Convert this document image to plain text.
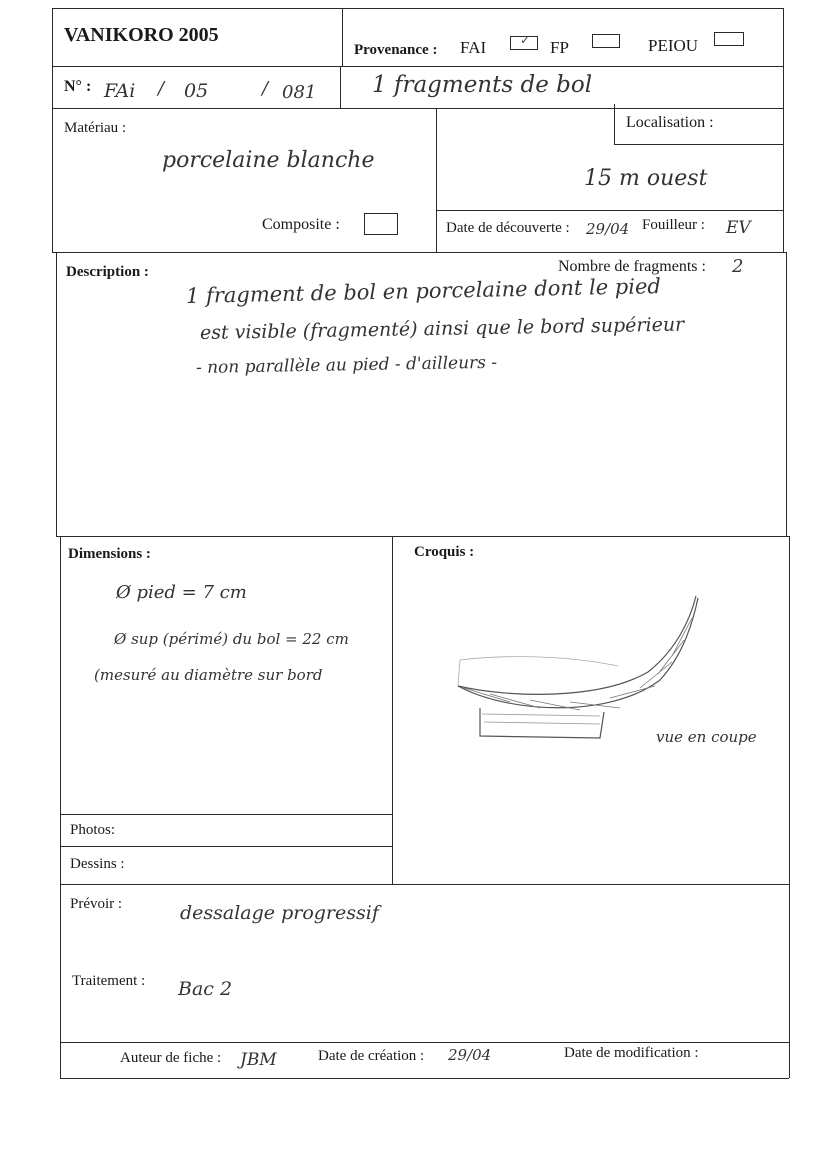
VANIKORO 2005
Provenance : FAI	✓ FP	PEIOU
N° : FAi / 05	/ 081 1 fragments de bol
Matériau :
porcelaine blanche
Composite :
Localisation :
15 m ouest
Date de découverte : 29/04 Fouilleur : EV
Description :	Nombre de fragments : 2
1 fragment de bol en porcelaine dont le pied
est visible (fragmenté) ainsi que le bord supérieur
- non parallèle au pied - d'ailleurs -
Dimensions :
Ø pied = 7 cm
Ø sup (périmé) du bol = 22 cm
(mesuré au diamètre sur bord
Croquis :
vue en coupe
Photos:
Dessins :
Prévoir :	dessalage progressif
Traitement : Bac 2
Auteur de fiche : JBM	Date de création : 29/04	Date de modification :
